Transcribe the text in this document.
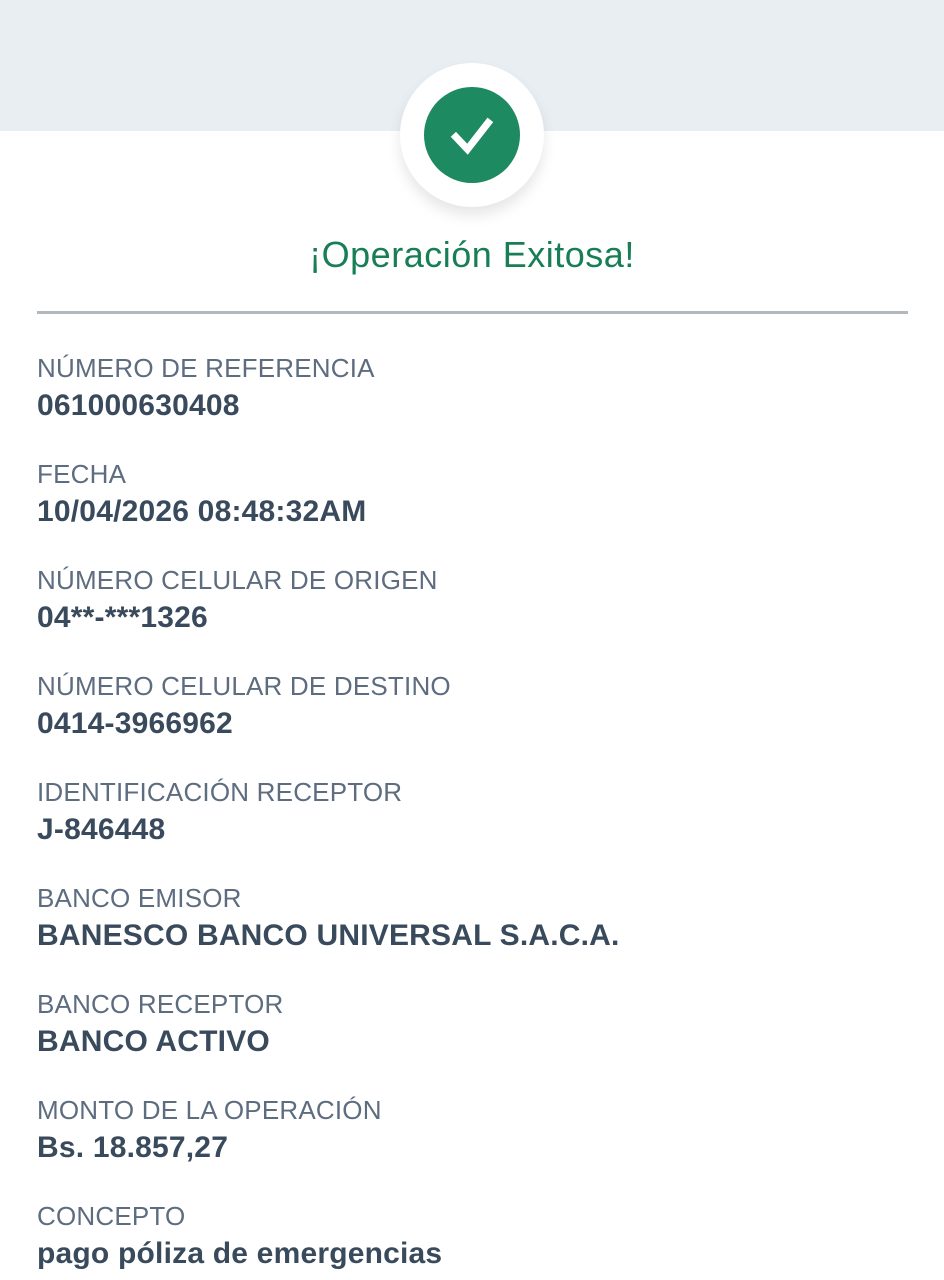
¡Operación Exitosa!
NÚMERO DE REFERENCIA
061000630408
FECHA
10/04/2026 08:48:32AM
NÚMERO CELULAR DE ORIGEN
04**-***1326
NÚMERO CELULAR DE DESTINO
0414-3966962
IDENTIFICACIÓN RECEPTOR
J-846448
BANCO EMISOR
BANESCO BANCO UNIVERSAL S.A.C.A.
BANCO RECEPTOR
BANCO ACTIVO
MONTO DE LA OPERACIÓN
Bs. 18.857,27
CONCEPTO
pago póliza de emergencias
